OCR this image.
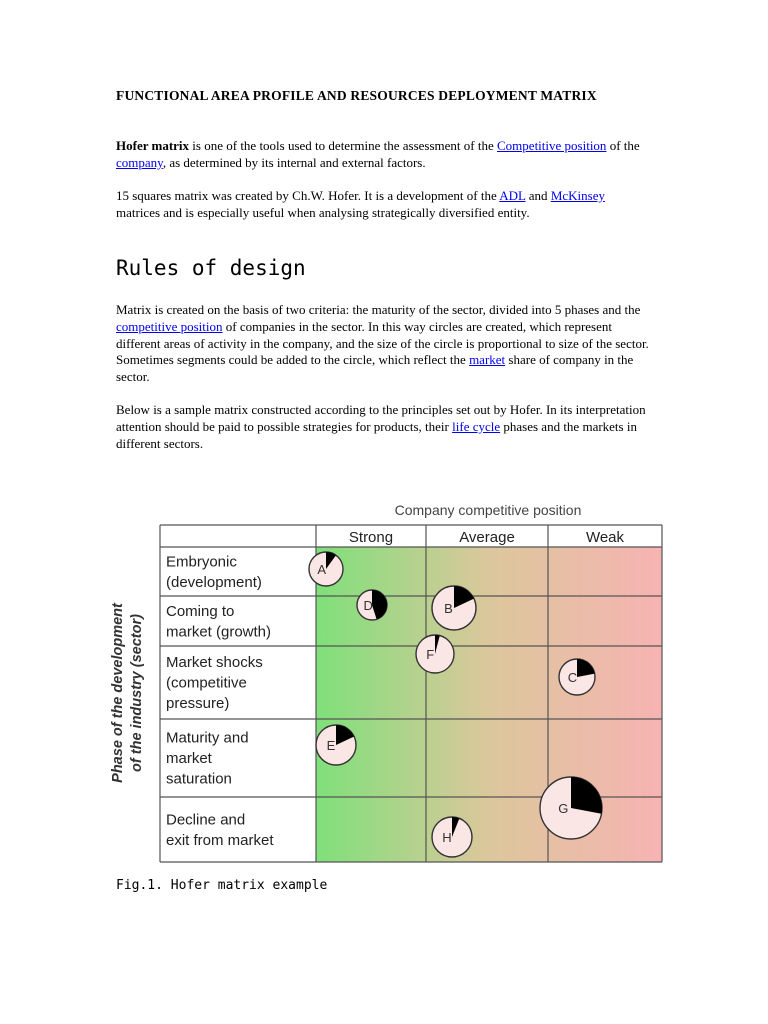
FUNCTIONAL AREA PROFILE AND RESOURCES DEPLOYMENT MATRIX
Hofer matrix is one of the tools used to determine the assessment of the Competitive position of the company, as determined by its internal and external factors.
15 squares matrix was created by Ch.W. Hofer. It is a development of the ADL and McKinsey matrices and is especially useful when analysing strategically diversified entity.
Rules of design
Matrix is created on the basis of two criteria: the maturity of the sector, divided into 5 phases and the competitive position of companies in the sector. In this way circles are created, which represent different areas of activity in the company, and the size of the circle is proportional to size of the sector. Sometimes segments could be added to the circle, which reflect the market share of company in the sector.
Below is a sample matrix constructed according to the principles set out by Hofer. In its interpretation attention should be paid to possible strategies for products, their life cycle phases and the markets in different sectors.
Company competitive position
Phase of the development of the industry (sector)
Strong	Average	Weak
Embryonic
(development)
Coming to
market (growth)
Market shocks
(competitive
pressure)
Maturity and
market
saturation
Decline and
exit from market
A
B
C
D
E
F
G
H
Fig.1. Hofer matrix example
